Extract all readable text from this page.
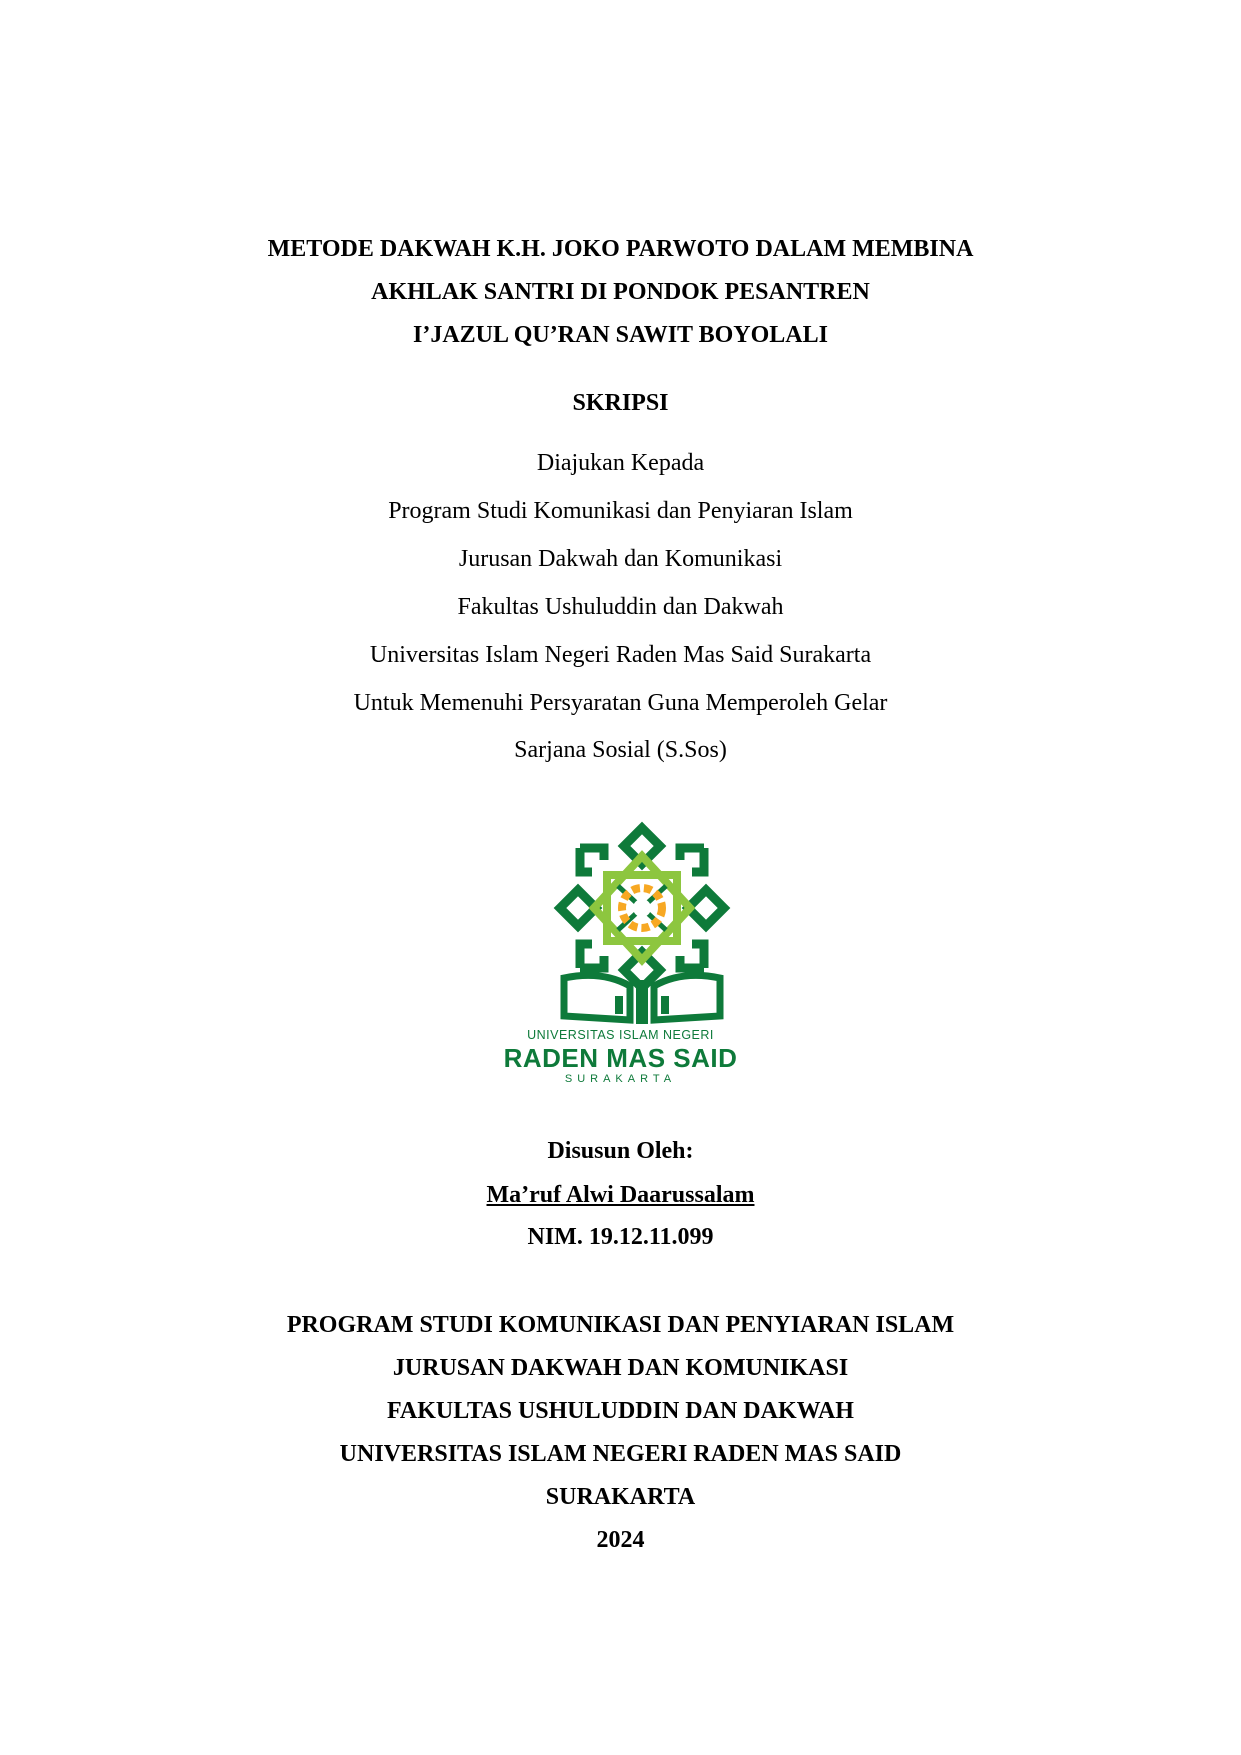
METODE DAKWAH K.H. JOKO PARWOTO DALAM MEMBINA
AKHLAK SANTRI DI PONDOK PESANTREN
I’JAZUL QU’RAN SAWIT BOYOLALI
SKRIPSI
Diajukan Kepada
Program Studi Komunikasi dan Penyiaran Islam
Jurusan Dakwah dan Komunikasi
Fakultas Ushuluddin dan Dakwah
Universitas Islam Negeri Raden Mas Said Surakarta
Untuk Memenuhi Persyaratan Guna Memperoleh Gelar
Sarjana Sosial (S.Sos)
UNIVERSITAS ISLAM NEGERI
RADEN MAS SAID
SURAKARTA
Disusun Oleh:
Ma’ruf Alwi Daarussalam
NIM. 19.12.11.099
PROGRAM STUDI KOMUNIKASI DAN PENYIARAN ISLAM
JURUSAN DAKWAH DAN KOMUNIKASI
FAKULTAS USHULUDDIN DAN DAKWAH
UNIVERSITAS ISLAM NEGERI RADEN MAS SAID
SURAKARTA
2024
